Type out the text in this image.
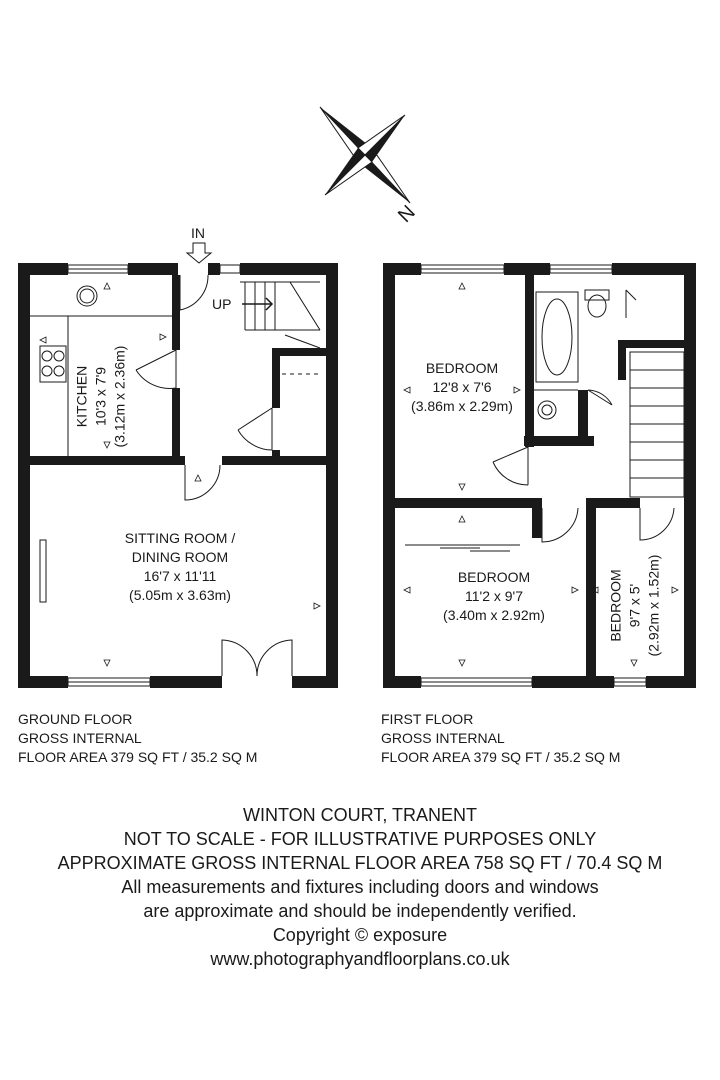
N
IN
UP
KITCHEN 10'3 x 7'9 (3.12m x 2.36m)
SITTING ROOM /
DINING ROOM
16'7 x 11'11
(5.05m x 3.63m)
BEDROOM
12'8 x 7'6
(3.86m x 2.29m)
BEDROOM
11'2 x 9'7
(3.40m x 2.92m)	BEDROOM 9'7 x 5' (2.92m x 1.52m)
GROUND FLOOR
GROSS INTERNAL
FLOOR AREA 379 SQ FT / 35.2 SQ M
FIRST FLOOR
GROSS INTERNAL
FLOOR AREA 379 SQ FT / 35.2 SQ M
WINTON COURT, TRANENT
NOT TO SCALE - FOR ILLUSTRATIVE PURPOSES ONLY
APPROXIMATE GROSS INTERNAL FLOOR AREA 758 SQ FT / 70.4 SQ M
All measurements and fixtures including doors and windows
are approximate and should be independently verified.
Copyright © exposure
www.photographyandfloorplans.co.uk
